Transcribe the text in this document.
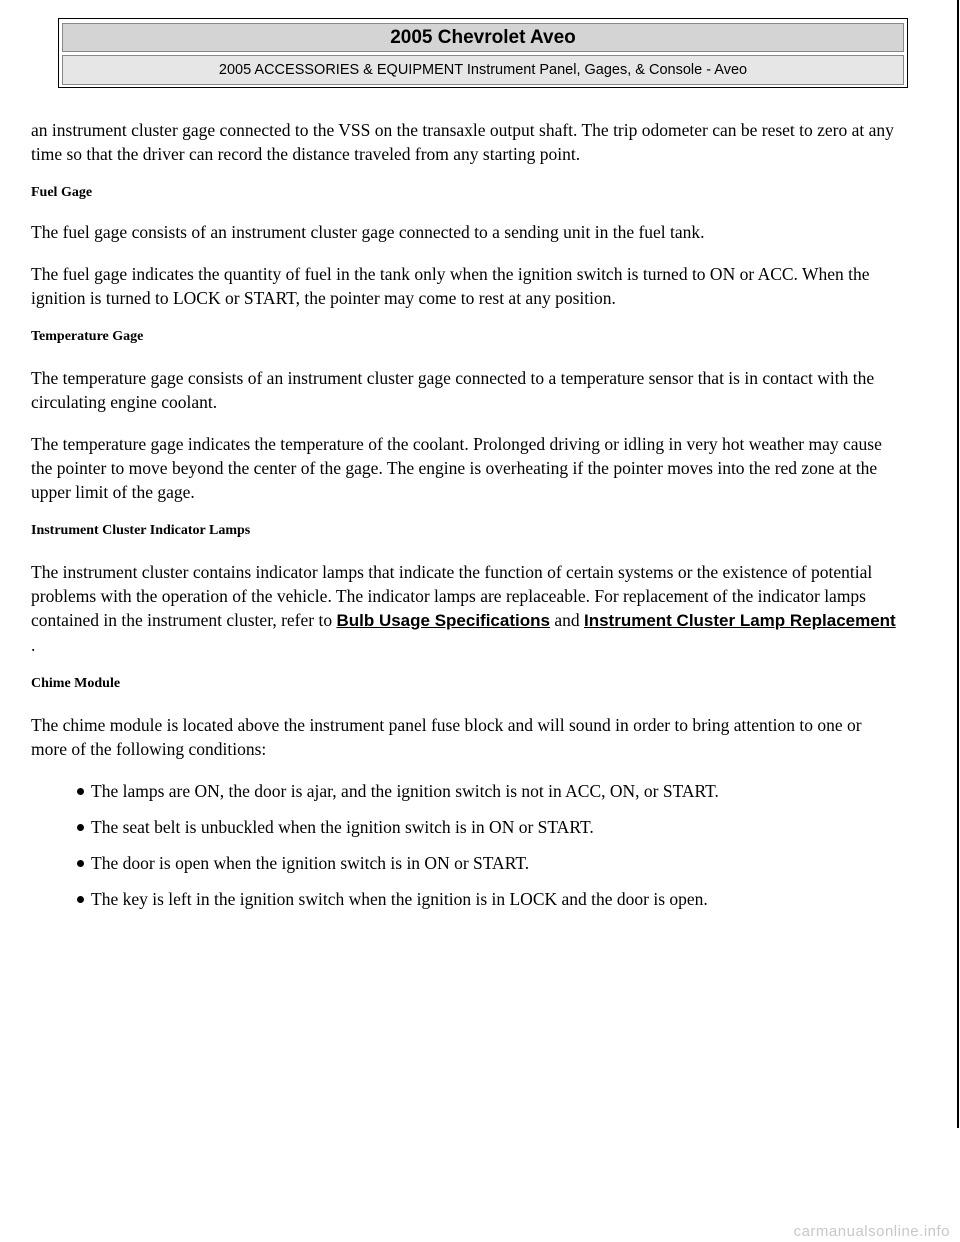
2005 Chevrolet Aveo
2005 ACCESSORIES & EQUIPMENT Instrument Panel, Gages, & Console - Aveo

an instrument cluster gage connected to the VSS on the transaxle output shaft. The trip odometer can be reset to zero at any time so that the driver can record the distance traveled from any starting point.

Fuel Gage

The fuel gage consists of an instrument cluster gage connected to a sending unit in the fuel tank.

The fuel gage indicates the quantity of fuel in the tank only when the ignition switch is turned to ON or ACC. When the ignition is turned to LOCK or START, the pointer may come to rest at any position.

Temperature Gage

The temperature gage consists of an instrument cluster gage connected to a temperature sensor that is in contact with the circulating engine coolant.

The temperature gage indicates the temperature of the coolant. Prolonged driving or idling in very hot weather may cause the pointer to move beyond the center of the gage. The engine is overheating if the pointer moves into the red zone at the upper limit of the gage.

Instrument Cluster Indicator Lamps

The instrument cluster contains indicator lamps that indicate the function of certain systems or the existence of potential problems with the operation of the vehicle. The indicator lamps are replaceable. For replacement of the indicator lamps contained in the instrument cluster, refer to Bulb Usage Specifications and Instrument Cluster Lamp Replacement .

Chime Module

The chime module is located above the instrument panel fuse block and will sound in order to bring attention to one or more of the following conditions:

The lamps are ON, the door is ajar, and the ignition switch is not in ACC, ON, or START.
The seat belt is unbuckled when the ignition switch is in ON or START.
The door is open when the ignition switch is in ON or START.
The key is left in the ignition switch when the ignition is in LOCK and the door is open.
carmanualsonline.info
